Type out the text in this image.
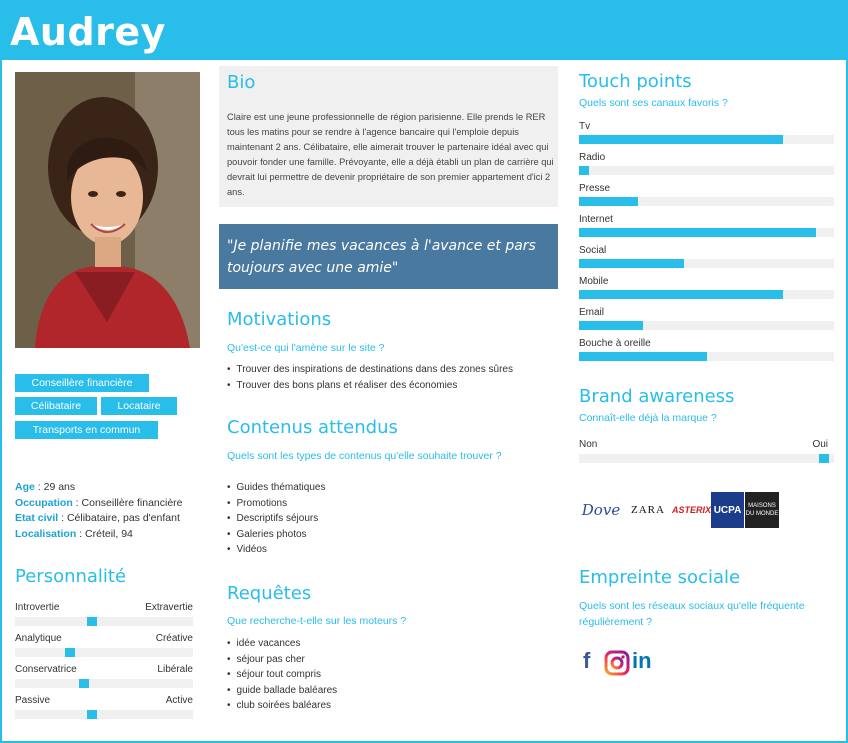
Audrey
Conseillère financière
Célibataire	Locataire
Transports en commun
Age : 29 ans
Occupation : Conseillère financière
Etat civil : Célibataire, pas d'enfant
Localisation : Créteil, 94
Personnalité
Introvertie	Extravertie
Analytique	Créative
Conservatrice	Libérale
Passive	Active
Bio
Claire est une jeune professionnelle de région parisienne. Elle prends le RER tous les matins pour se rendre à l'agence bancaire qui l'emploie depuis maintenant 2 ans. Célibataire, elle aimerait trouver le partenaire idéal avec qui pouvoir fonder une famille. Prévoyante, elle a déjà établi un plan de carrière qui devrait lui permettre de devenir propriétaire de son premier appartement d'ici 2 ans.
"Je planifie mes vacances à l'avance et pars toujours avec une amie"
Motivations
Qu'est-ce qui l'amène sur le site ?
• Trouver des inspirations de destinations dans des zones sûres
• Trouver des bons plans et réaliser des économies
Contenus attendus
Quels sont les types de contenus qu'elle souhaite trouver ?
• Guides thématiques
• Promotions
• Descriptifs séjours
• Galeries photos
• Vidéos
Requêtes
Que recherche-t-elle sur les moteurs ?
• idée vacances
• séjour pas cher
• séjour tout compris
• guide ballade baléares
• club soirées baléares
Touch points
Quels sont ses canaux favoris ?
Tv
Radio
Presse
Internet
Social
Mobile
Email
Bouche à oreille
Brand awareness
Connaît-elle déjà la marque ?
Non	Oui
Dove ZARA ASTERIX UCPA	MAISONS DU MONDE
Empreinte sociale
Quels sont les réseaux sociaux qu'elle fréquente régulièrement ?
f in
